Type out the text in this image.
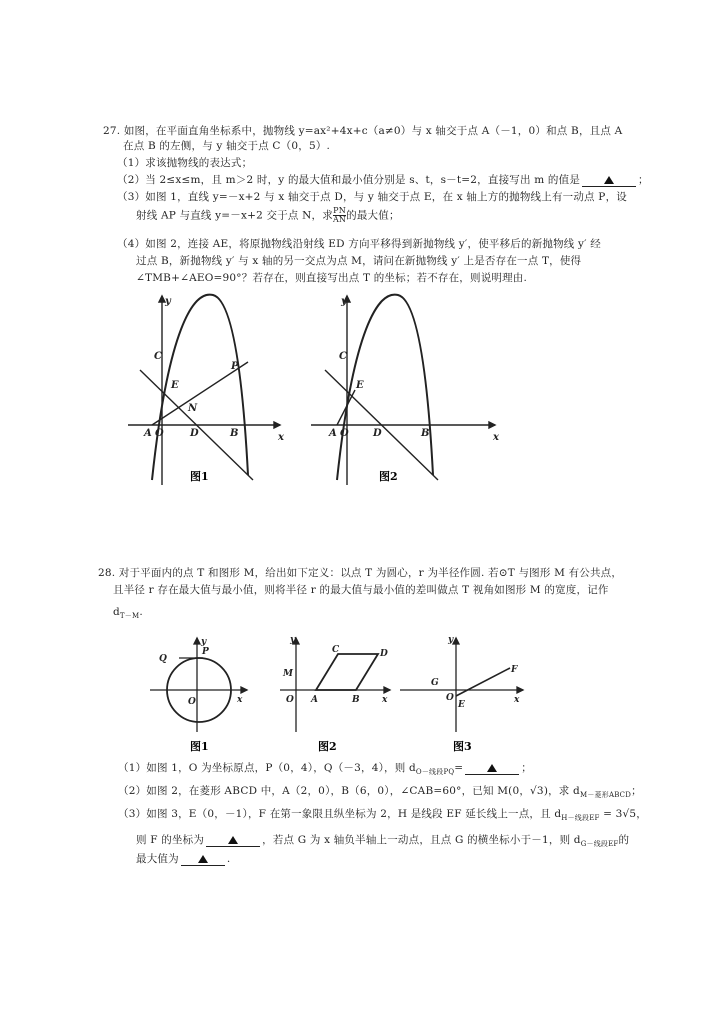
27. 如图，在平面直角坐标系中，抛物线 y=ax²+4x+c（a≠0）与 x 轴交于点 A（－1，0）和点 B，且点 A
在点 B 的左侧，与 y 轴交于点 C（0，5）.
（1）求该抛物线的表达式；
（2）当 2≤x≤m，且 m＞2 时，y 的最大值和最小值分别是 s、t，s－t=2，直接写出 m 的值是	；
（3）如图 1，直线 y=－x+2 与 x 轴交于点 D，与 y 轴交于点 E，在 x 轴上方的抛物线上有一动点 P，设
射线 AP 与直线 y=－x+2 交于点 N，求 $\frac{PN}{AN}$ 的最大值；
（4）如图 2，连接 AE，将原抛物线沿射线 ED 方向平移得到新抛物线 y′，使平移后的新抛物线 y′ 经
过点 B，新抛物线 y′ 与 x 轴的另一交点为点 M，请问在新抛物线 y′ 上是否存在一点 T，使得
∠TMB+∠AEO=90°？若存在，则直接写出点 T 的坐标；若不存在，则说明理由.
y
x
C
E
N
P
A O	D	B
图1
y
x
C
E
A O D	B
图2
28. 对于平面内的点 T 和图形 M，给出如下定义：以点 T 为圆心，r 为半径作圆. 若⊙T 与图形 M 有公共点，
且半径 r 存在最大值与最小值，则将半径 r 的最大值与最小值的差叫做点 T 视角如图形 M 的宽度，记作
$d_{T-M}$.
y
x
Q
P
O
图1
y
x
C	D
M
O A	B
图2
y
x
G
F
O
E
图3
（1）如图 1，O 为坐标原点，P（0，4），Q（－3，4），则 $d_{O-线段PQ}=$	；
（2）如图 2，在菱形 ABCD 中，A（2，0），B（6，0），∠CAB=60°，已知 M(0，√3)，求 $d_{M-菱形ABCD}$；
（3）如图 3，E（0，－1），F 在第一象限且纵坐标为 2，H 是线段 EF 延长线上一点，且 $d_{H-线段EF} = 3√5$，
则 F 的坐标为	，若点 G 为 x 轴负半轴上一动点，且点 G 的横坐标小于－1，则 $d_{G-线段EF}$的
最大值为	.
